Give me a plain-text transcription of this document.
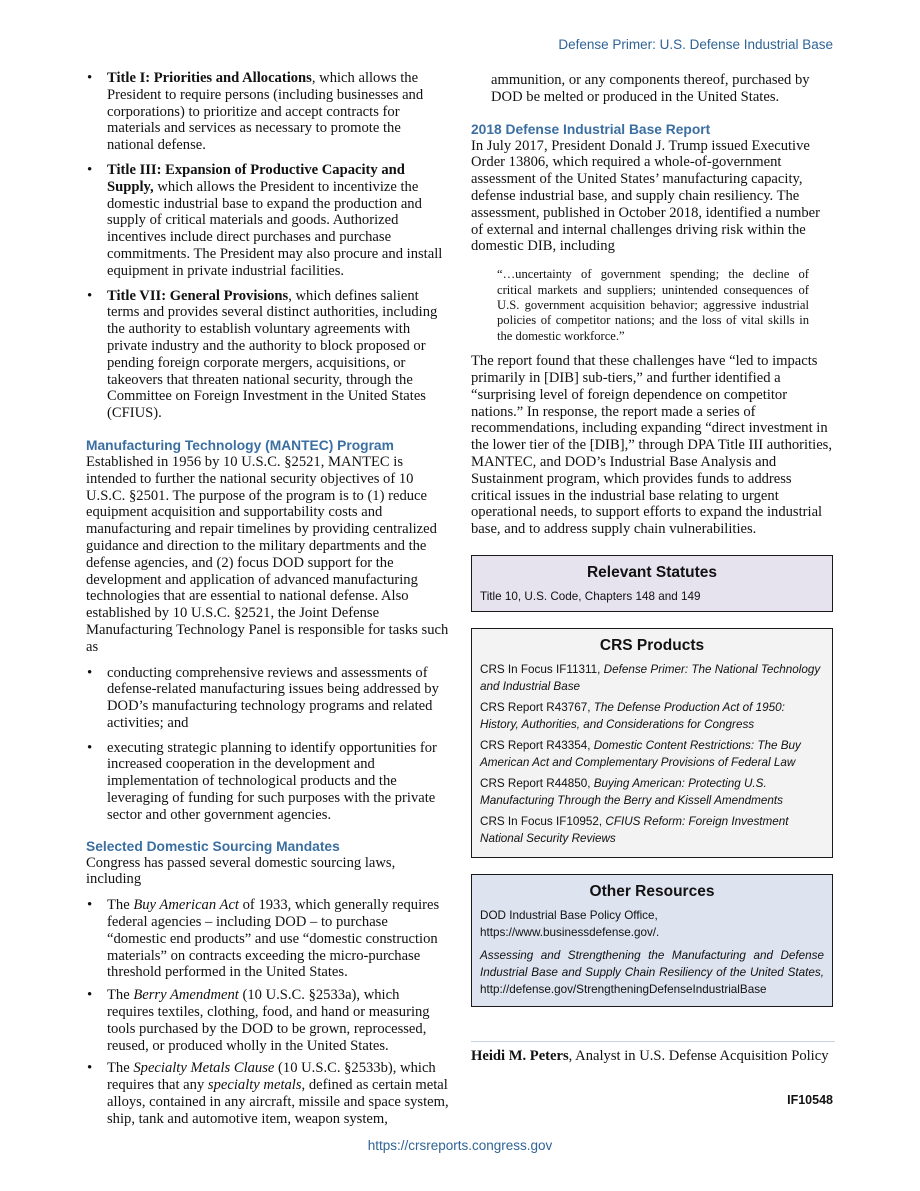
Defense Primer: U.S. Defense Industrial Base
• Title I: Priorities and Allocations, which allows the President to require persons (including businesses and corporations) to prioritize and accept contracts for materials and services as necessary to promote the national defense.
• Title III: Expansion of Productive Capacity and Supply, which allows the President to incentivize the domestic industrial base to expand the production and supply of critical materials and goods. Authorized incentives include direct purchases and purchase commitments. The President may also procure and install equipment in private industrial facilities.
• Title VII: General Provisions, which defines salient terms and provides several distinct authorities, including the authority to establish voluntary agreements with private industry and the authority to block proposed or pending foreign corporate mergers, acquisitions, or takeovers that threaten national security, through the Committee on Foreign Investment in the United States (CFIUS).
Manufacturing Technology (MANTEC) Program

Established in 1956 by 10 U.S.C. §2521, MANTEC is intended to further the national security objectives of 10 U.S.C. §2501. The purpose of the program is to (1) reduce equipment acquisition and supportability costs and manufacturing and repair timelines by providing centralized guidance and direction to the military departments and the defense agencies, and (2) focus DOD support for the development and application of advanced manufacturing technologies that are essential to national defense. Also established by 10 U.S.C. §2521, the Joint Defense Manufacturing Technology Panel is responsible for tasks such as

• conducting comprehensive reviews and assessments of defense-related manufacturing issues being addressed by DOD’s manufacturing technology programs and related activities; and
• executing strategic planning to identify opportunities for increased cooperation in the development and implementation of technological products and the leveraging of funding for such purposes with the private sector and other government agencies.
Selected Domestic Sourcing Mandates

Congress has passed several domestic sourcing laws, including

• The Buy American Act of 1933, which generally requires federal agencies – including DOD – to purchase “domestic end products” and use “domestic construction materials” on contracts exceeding the micro-purchase threshold performed in the United States.
• The Berry Amendment (10 U.S.C. §2533a), which requires textiles, clothing, food, and hand or measuring tools purchased by the DOD to be grown, reprocessed, reused, or produced wholly in the United States.
• The Specialty Metals Clause (10 U.S.C. §2533b), which requires that any specialty metals, defined as certain metal alloys, contained in any aircraft, missile and space system, ship, tank and automotive item, weapon system,

ammunition, or any components thereof, purchased by DOD be melted or produced in the United States.

2018 Defense Industrial Base Report

In July 2017, President Donald J. Trump issued Executive Order 13806, which required a whole-of-government assessment of the United States’ manufacturing capacity, defense industrial base, and supply chain resiliency. The assessment, published in October 2018, identified a number of external and internal challenges driving risk within the domestic DIB, including

“…uncertainty of government spending; the decline of critical markets and suppliers; unintended consequences of U.S. government acquisition behavior; aggressive industrial policies of competitor nations; and the loss of vital skills in the domestic workforce.”

The report found that these challenges have “led to impacts primarily in [DIB] sub-tiers,” and further identified a “surprising level of foreign dependence on competitor nations.” In response, the report made a series of recommendations, including expanding “direct investment in the lower tier of the [DIB],” through DPA Title III authorities, MANTEC, and DOD’s Industrial Base Analysis and Sustainment program, which provides funds to address critical issues in the industrial base relating to urgent operational needs, to support efforts to expand the industrial base, and to address supply chain vulnerabilities.

Relevant Statutes
Title 10, U.S. Code, Chapters 148 and 149
CRS Products
CRS In Focus IF11311, Defense Primer: The National Technology and Industrial Base
CRS Report R43767, The Defense Production Act of 1950: History, Authorities, and Considerations for Congress
CRS Report R43354, Domestic Content Restrictions: The Buy American Act and Complementary Provisions of Federal Law
CRS Report R44850, Buying American: Protecting U.S. Manufacturing Through the Berry and Kissell Amendments
CRS In Focus IF10952, CFIUS Reform: Foreign Investment National Security Reviews
Other Resources
DOD Industrial Base Policy Office,
https://www.businessdefense.gov/.
Assessing and Strengthening the Manufacturing and Defense Industrial Base and Supply Chain Resiliency of the United States, http://defense.gov/StrengtheningDefenseIndustrialBase
Heidi M. Peters, Analyst in U.S. Defense Acquisition Policy
IF10548
https://crsreports.congress.gov
